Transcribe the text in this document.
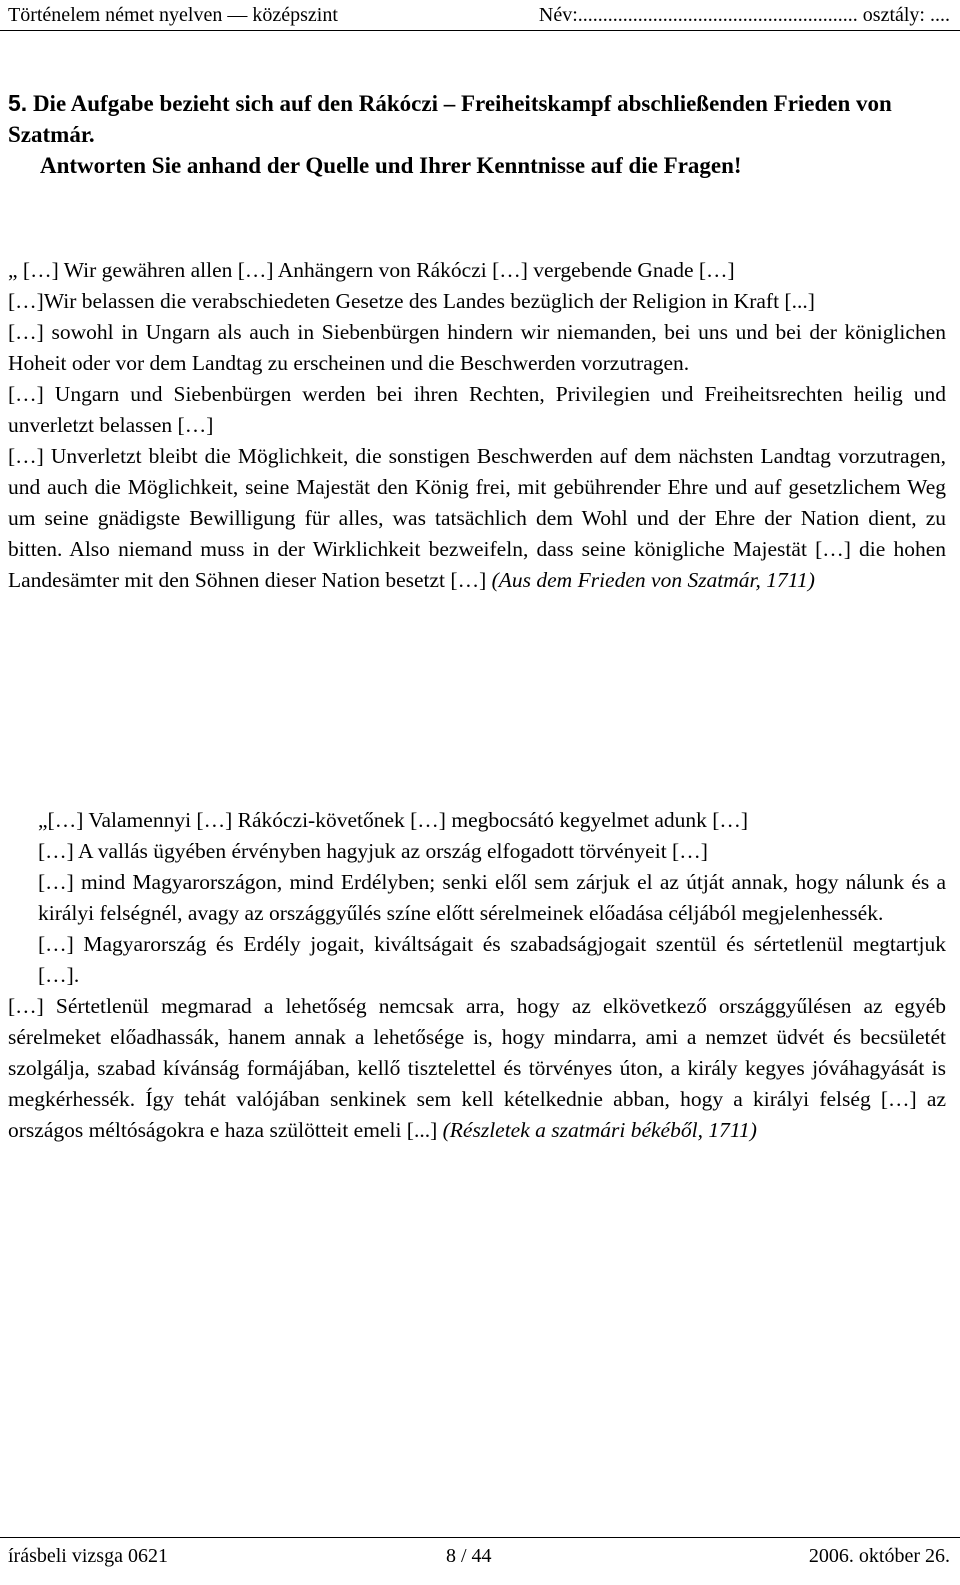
Történelem német nyelven — középszint	Név:........................................................ osztály: ....
5. Die Aufgabe bezieht sich auf den Rákóczi – Freiheitskampf abschließenden Frieden von Szatmár.
Antworten Sie anhand der Quelle und Ihrer Kenntnisse auf die Fragen!

„ […] Wir gewähren allen […] Anhängern von Rákóczi […] vergebende Gnade […]

[…]Wir belassen die verabschiedeten Gesetze des Landes bezüglich der Religion in Kraft [...]

[…] sowohl in Ungarn als auch in Siebenbürgen hindern wir niemanden, bei uns und bei der königlichen Hoheit oder vor dem Landtag zu erscheinen und die Beschwerden vorzutragen.

[…] Ungarn und Siebenbürgen werden bei ihren Rechten, Privilegien und Freiheitsrechten heilig und unverletzt belassen […]

[…] Unverletzt bleibt die Möglichkeit, die sonstigen Beschwerden auf dem nächsten Landtag vorzutragen, und auch die Möglichkeit, seine Majestät den König frei, mit gebührender Ehre und auf gesetzlichem Weg um seine gnädigste Bewilligung für alles, was tatsächlich dem Wohl und der Ehre der Nation dient, zu bitten. Also niemand muss in der Wirklichkeit bezweifeln, dass seine königliche Majestät […] die hohen Landesämter mit den Söhnen dieser Nation besetzt […] (Aus dem Frieden von Szatmár, 1711)

„[…] Valamennyi […] Rákóczi-követőnek […] megbocsátó kegyelmet adunk […]

[…] A vallás ügyében érvényben hagyjuk az ország elfogadott törvényeit […]

[…] mind Magyarországon, mind Erdélyben; senki elől sem zárjuk el az útját annak, hogy nálunk és a királyi felségnél, avagy az országgyűlés színe előtt sérelmeinek előadása céljából megjelenhessék.

[…] Magyarország és Erdély jogait, kiváltságait és szabadságjogait szentül és sértetlenül megtartjuk […].

[…] Sértetlenül megmarad a lehetőség nemcsak arra, hogy az elkövetkező országgyűlésen az egyéb sérelmeket előadhassák, hanem annak a lehetősége is, hogy mindarra, ami a nemzet üdvét és becsületét szolgálja, szabad kívánság formájában, kellő tisztelettel és törvényes úton, a király kegyes jóváhagyását is megkérhessék. Így tehát valójában senkinek sem kell kételkednie abban, hogy a királyi felség […] az országos méltóságokra e haza szülötteit emeli [...] (Részletek a szatmári békéből, 1711)

írásbeli vizsga 0621	8 / 44	2006. október 26.
